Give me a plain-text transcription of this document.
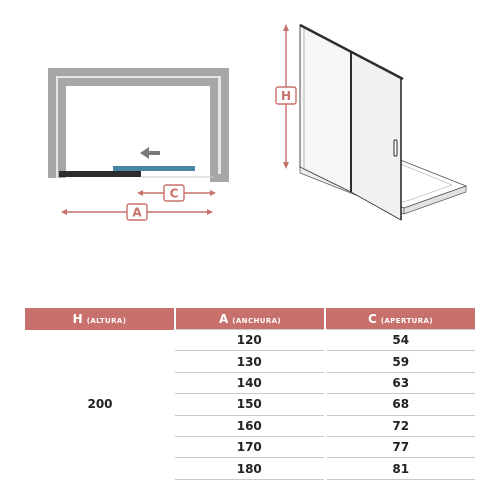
C
A
H
H (ALTURA)	A (ANCHURA)	C (APERTURA)
200	120	54
	130	59
	140	63
	150	68
	160	72
	170	77
	180	81
